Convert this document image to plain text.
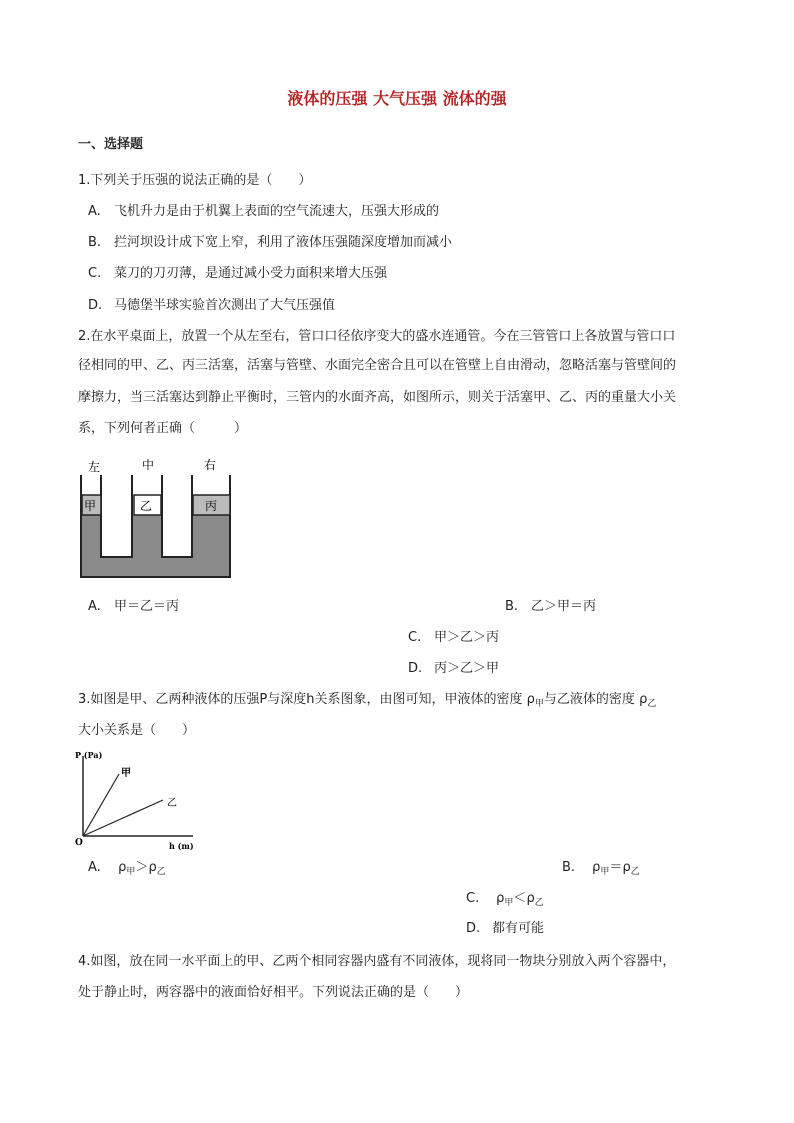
液体的压强 大气压强 流体的强
一、选择题
1.下列关于压强的说法正确的是（　　）
A. 飞机升力是由于机翼上表面的空气流速大，压强大形成的
B. 拦河坝设计成下宽上窄，利用了液体压强随深度增加而减小
C. 菜刀的刀刃薄，是通过减小受力面积来增大压强
D. 马德堡半球实验首次测出了大气压强值
2.在水平桌面上，放置一个从左至右，管口口径依序变大的盛水连通管。今在三管管口上各放置与管口口
径相同的甲、乙、丙三活塞，活塞与管壁、水面完全密合且可以在管壁上自由滑动，忽略活塞与管壁间的
摩擦力，当三活塞达到静止平衡时，三管内的水面齐高，如图所示，则关于活塞甲、乙、丙的重量大小关
系，下列何者正确（　　　）
左	中	右
甲	乙	丙
A. 甲＝乙＝丙	B. 乙＞甲＝丙
C. 甲＞乙＞丙
D. 丙＞乙＞甲
3.如图是甲、乙两种液体的压强P与深度h关系图象，由图可知，甲液体的密度 $\rho_甲$与乙液体的密度 $\rho_乙$
大小关系是（　　）
P (Pa)
h (m)
O
甲
乙
A. $\rho_甲>\rho_乙$	B. $\rho_甲=\rho_乙$
C. $\rho_甲<\rho_乙$
D. 都有可能
4.如图，放在同一水平面上的甲、乙两个相同容器内盛有不同液体，现将同一物块分别放入两个容器中，
处于静止时，两容器中的液面恰好相平。下列说法正确的是（　　）
